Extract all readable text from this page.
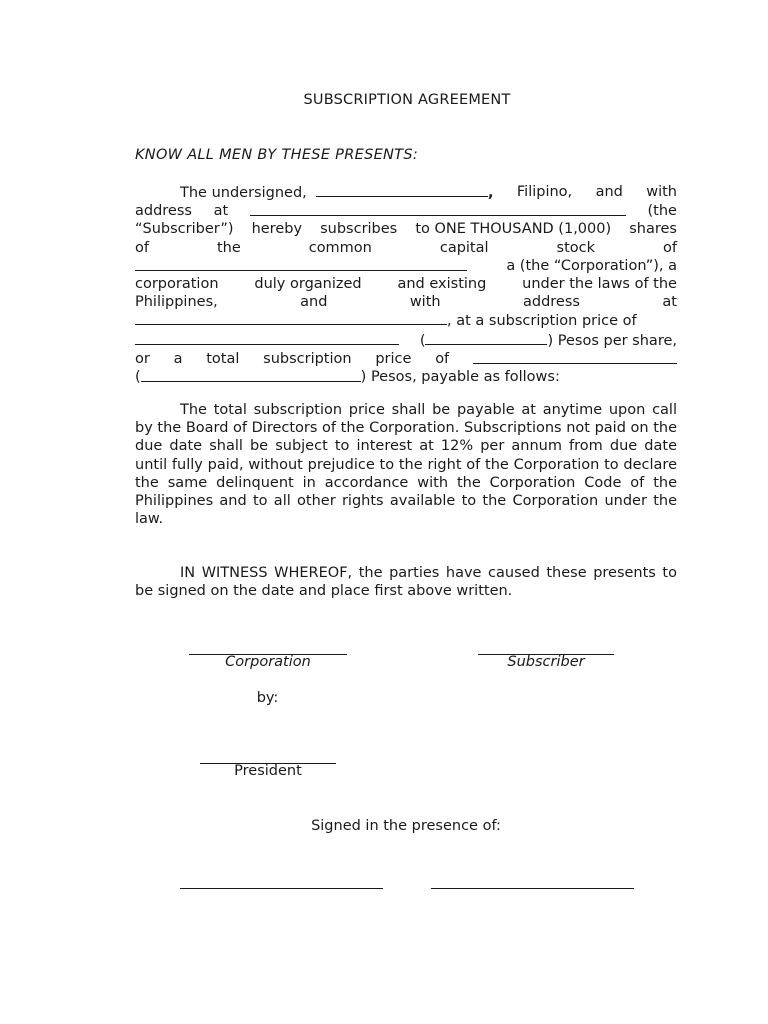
SUBSCRIPTION AGREEMENT
KNOW ALL MEN BY THESE PRESENTS:
The undersigned,	, Filipino, and with
address at	(the
“Subscriber”) hereby subscribes to ONE THOUSAND (1,000) shares
of	the	common	capital	stock	of
a (the “Corporation”), a
corporation duly organized and existing under the laws of the
Philippines,	and	with	address	at
, at a subscription price of
(	) Pesos per share,
or a total subscription price of
(	) Pesos, payable as follows:
The total subscription price shall be payable at anytime upon call by the Board of Directors of the Corporation. Subscriptions not paid on the due date shall be subject to interest at 12% per annum from due date until fully paid, without prejudice to the right of the Corporation to declare the same delinquent in accordance with the Corporation Code of the Philippines and to all other rights available to the Corporation under the law.
IN WITNESS WHEREOF, the parties have caused these presents to be signed on the date and place first above written.
Corporation	Subscriber
by:
President
Signed in the presence of:
